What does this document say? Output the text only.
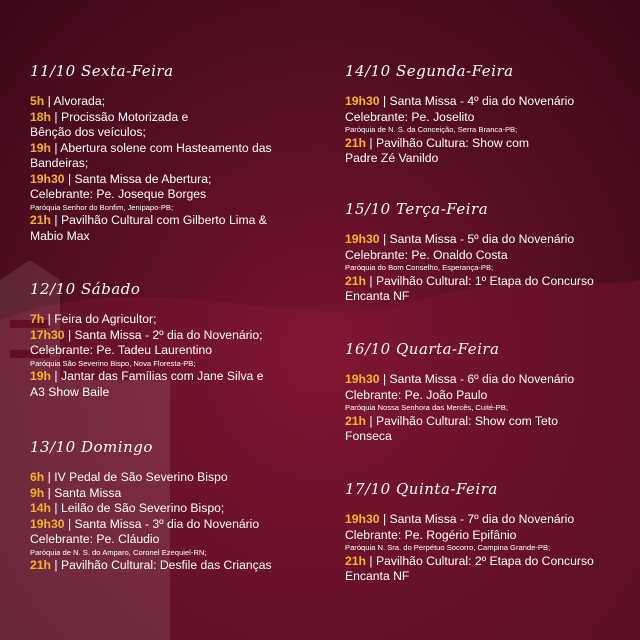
11/10 Sexta-Feira
5h | Alvorada;
18h | Procissão Motorizada e
Bênção dos veículos;
19h | Abertura solene com Hasteamento das
Bandeiras;
19h30 | Santa Missa de Abertura;
Celebrante: Pe. Joseque Borges
Paróquia Senhor do Bonfim, Jenipapo-PB;
21h | Pavilhão Cultural com Gilberto Lima &
Mabio Max
12/10 Sábado
7h | Feira do Agricultor;
17h30 | Santa Missa - 2º dia do Novenário;
Celebrante: Pe. Tadeu Laurentino
Paróquia São Severino Bispo, Nova Floresta-PB;
19h | Jantar das Famílias com Jane Silva e
A3 Show Baile
13/10 Domingo
6h | IV Pedal de São Severino Bispo
9h | Santa Missa
14h | Leilão de São Severino Bispo;
19h30 | Santa Missa - 3º dia do Novenário
Celebrante: Pe. Cláudio
Paróquia de N. S. do Amparo, Coronel Ezequiel-RN;
21h | Pavilhão Cultural: Desfile das Crianças
14/10 Segunda-Feira
19h30 | Santa Missa - 4º dia do Novenário
Celebrante: Pe. Joselito
Paróquia de N. S. da Conceição, Serra Branca-PB;
21h | Pavilhão Cultura: Show com
Padre Zé Vanildo
15/10 Terça-Feira
19h30 | Santa Missa - 5º dia do Novenário
Celebrante: Pe. Onaldo Costa
Paróquia do Bom Conselho, Esperança-PB;
21h | Pavilhão Cultural: 1º Etapa do Concurso
Encanta NF
16/10 Quarta-Feira
19h30 | Santa Missa - 6º dia do Novenário
Clebrante: Pe. João Paulo
Paróquia Nossa Senhora das Mercês, Cuité-PB;
21h | Pavilhão Cultural: Show com Teto
Fonseca
17/10 Quinta-Feira
19h30 | Santa Missa - 7º dia do Novenário
Clebrante: Pe. Rogério Epifânio
Paróquia N. Sra. do Perpétuo Socorro, Campina Grande-PB;
21h | Pavilhão Cultural: 2º Etapa do Concurso
Encanta NF
